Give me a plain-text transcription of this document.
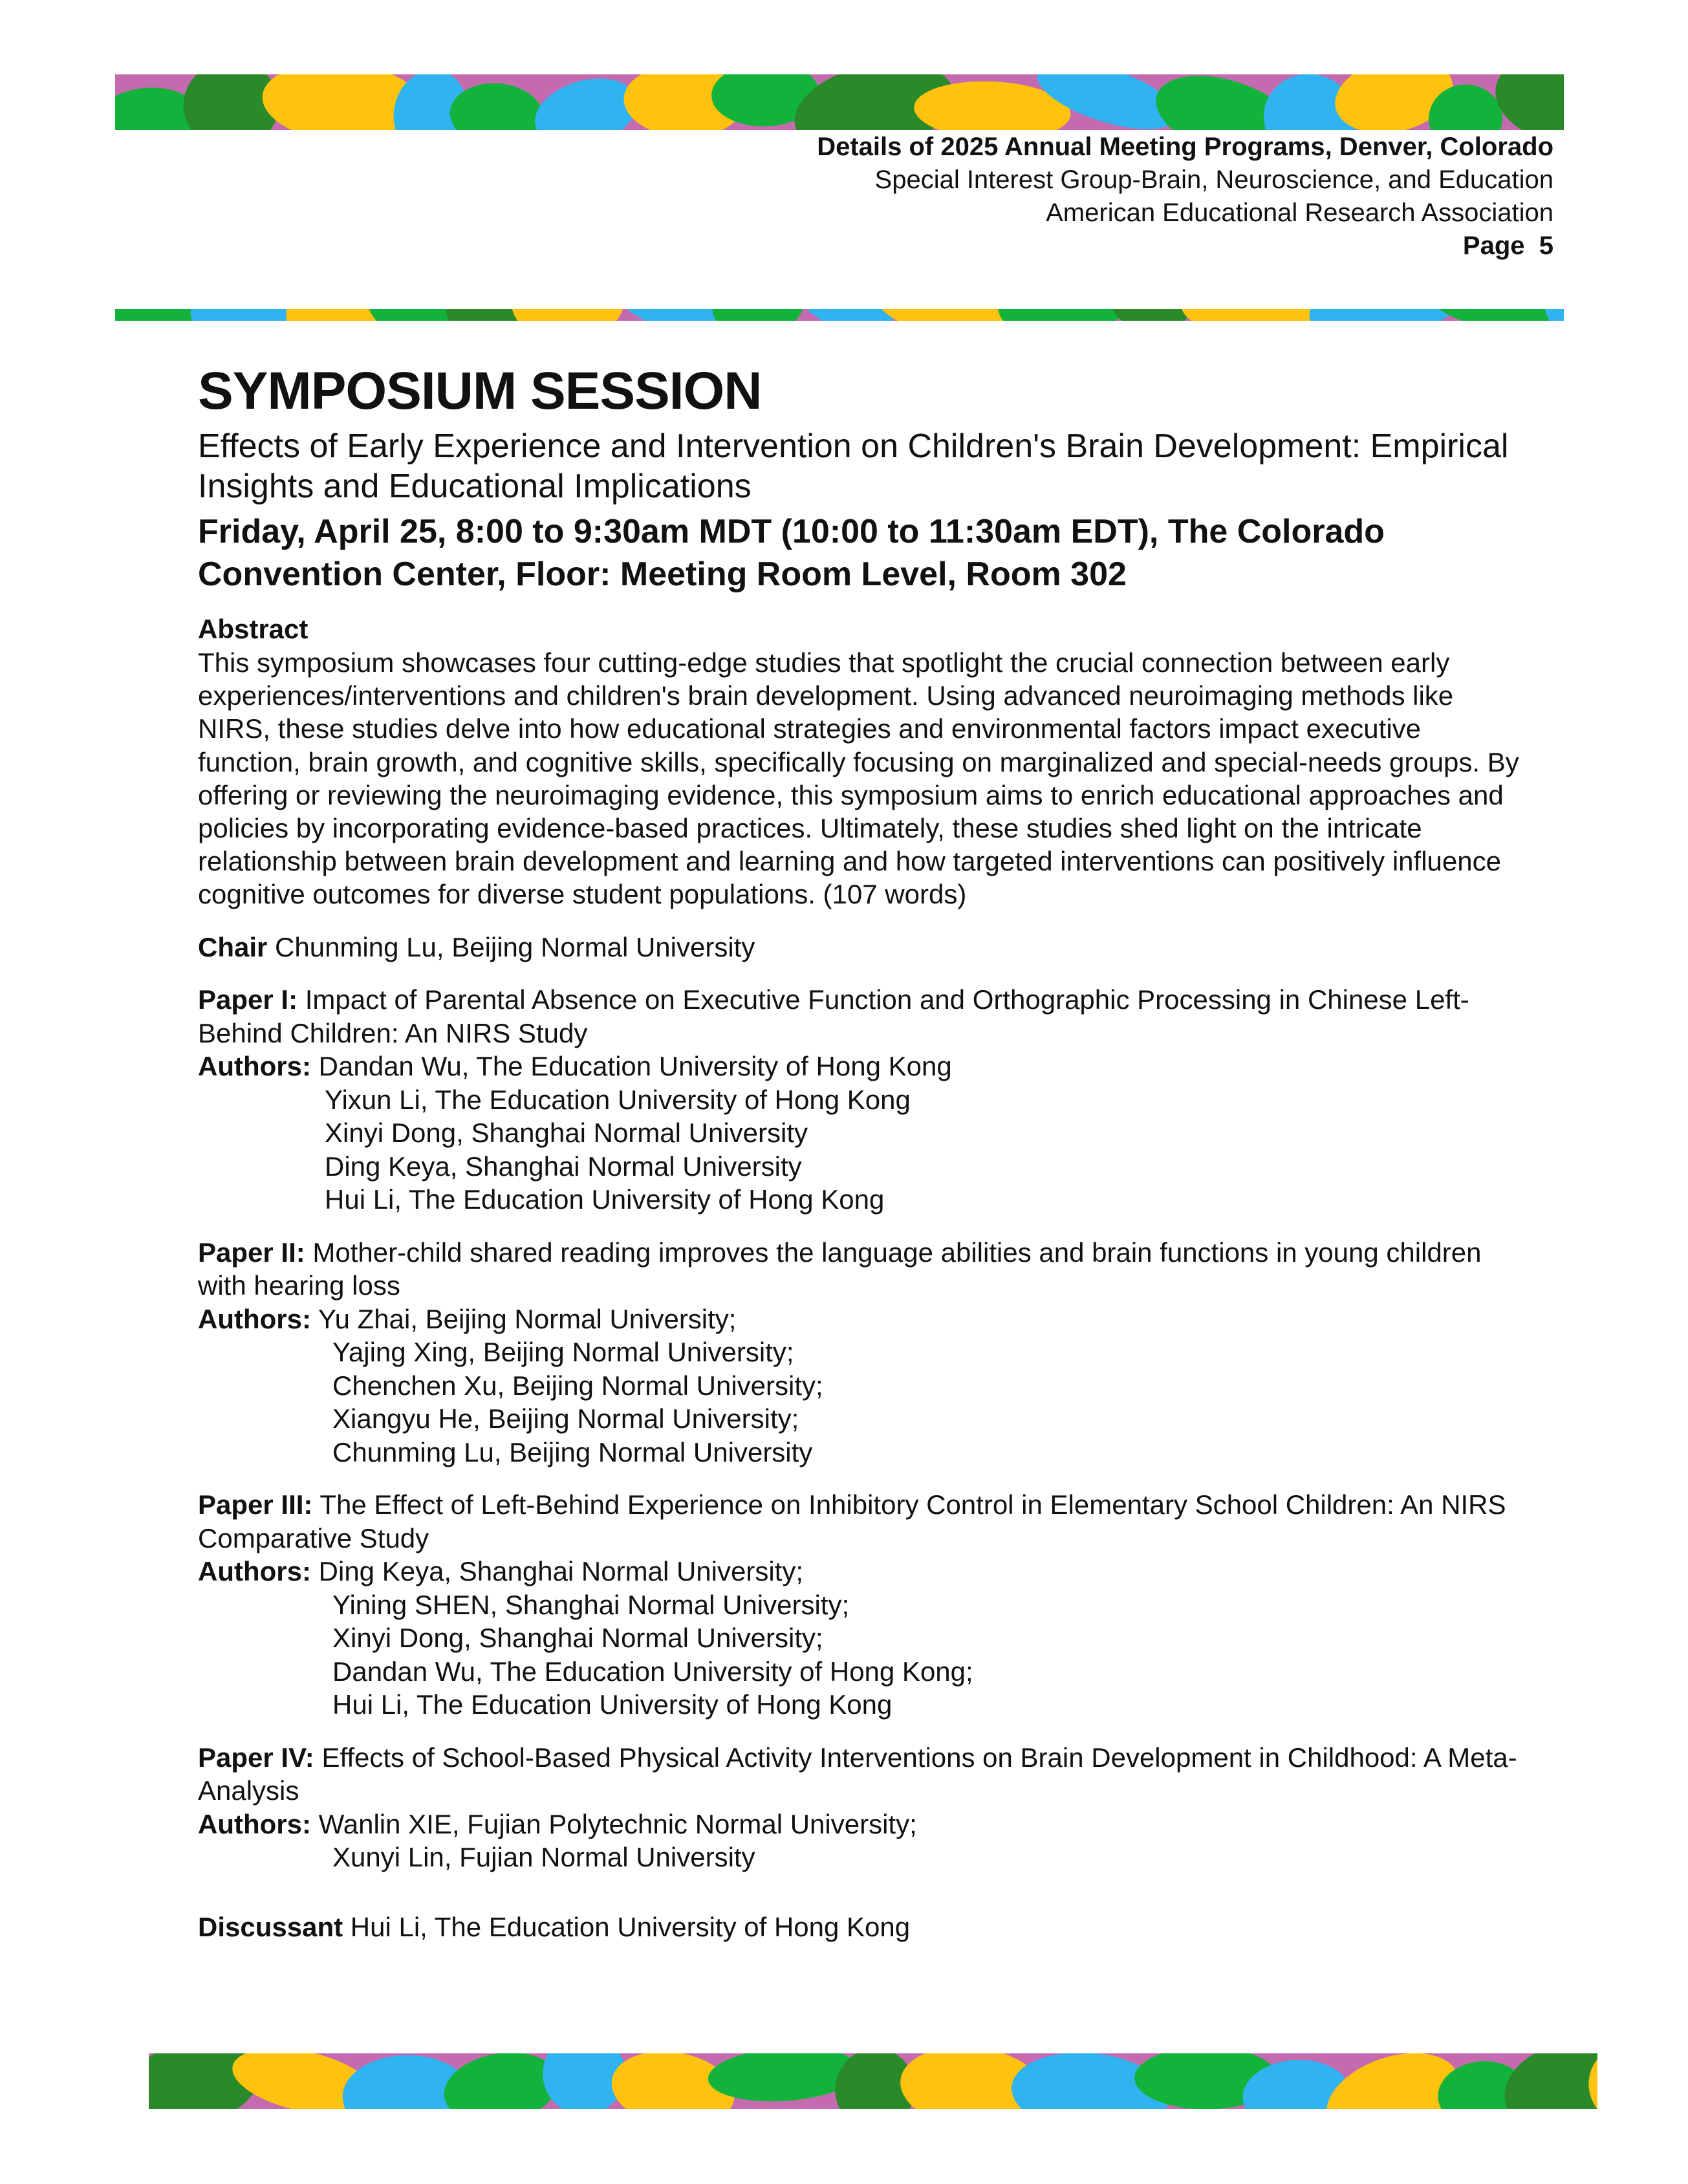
Details of 2025 Annual Meeting Programs, Denver, Colorado
Special Interest Group-Brain, Neuroscience, and Education
American Educational Research Association
Page  5
SYMPOSIUM SESSION

Effects of Early Experience and Intervention on Children's Brain Development: Empirical Insights and Educational Implications

Friday, April 25, 8:00 to 9:30am MDT (10:00 to 11:30am EDT), The Colorado Convention Center, Floor: Meeting Room Level, Room 302

Abstract

This symposium showcases four cutting-edge studies that spotlight the crucial connection between early experiences/interventions and children's brain development. Using advanced neuroimaging methods like NIRS, these studies delve into how educational strategies and environmental factors impact executive function, brain growth, and cognitive skills, specifically focusing on marginalized and special-needs groups. By offering or reviewing the neuroimaging evidence, this symposium aims to enrich educational approaches and policies by incorporating evidence-based practices. Ultimately, these studies shed light on the intricate relationship between brain development and learning and how targeted interventions can positively influence cognitive outcomes for diverse student populations. (107 words)

Chair Chunming Lu, Beijing Normal University

Paper I: Impact of Parental Absence on Executive Function and Orthographic Processing in Chinese Left-Behind Children: An NIRS Study

Authors: Dandan Wu, The Education University of Hong Kong

Yixun Li, The Education University of Hong Kong
Xinyi Dong, Shanghai Normal University
Ding Keya, Shanghai Normal University
Hui Li, The Education University of Hong Kong

Paper II: Mother-child shared reading improves the language abilities and brain functions in young children with hearing loss

Authors: Yu Zhai, Beijing Normal University;

Yajing Xing, Beijing Normal University;
Chenchen Xu, Beijing Normal University;
Xiangyu He, Beijing Normal University;
Chunming Lu, Beijing Normal University

Paper III: The Effect of Left-Behind Experience on Inhibitory Control in Elementary School Children: An NIRS Comparative Study

Authors: Ding Keya, Shanghai Normal University;

Yining SHEN, Shanghai Normal University;
Xinyi Dong, Shanghai Normal University;
Dandan Wu, The Education University of Hong Kong;
Hui Li, The Education University of Hong Kong

Paper IV: Effects of School-Based Physical Activity Interventions on Brain Development in Childhood: A Meta-Analysis

Authors: Wanlin XIE, Fujian Polytechnic Normal University;

Xunyi Lin, Fujian Normal University

Discussant Hui Li, The Education University of Hong Kong
